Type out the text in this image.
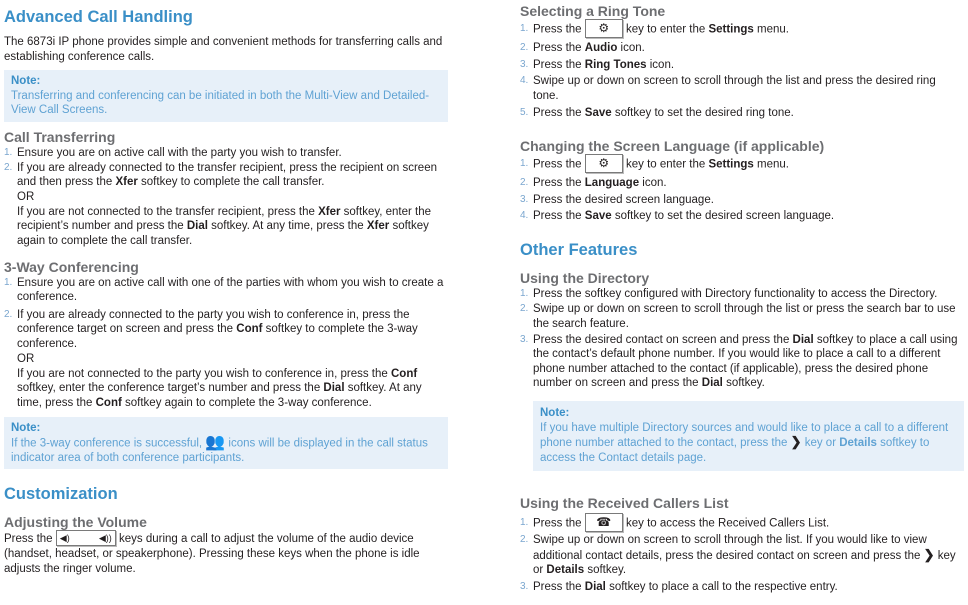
Advanced Call Handling

The 6873i IP phone provides simple and convenient methods for transferring calls and establishing conference calls.

Note:
Transferring and conferencing can be initiated in both the Multi-View and Detailed-View Call Screens.
Call Transferring
1. Ensure you are on active call with the party you wish to transfer.
2. If you are already connected to the transfer recipient, press the recipient on screen and then press the Xfer softkey to complete the call transfer.
OR

If you are not connected to the transfer recipient, press the Xfer softkey, enter the recipient’s number and press the Dial softkey. At any time, press the Xfer softkey again to complete the call transfer.

3-Way Conferencing
1. Ensure you are on active call with one of the parties with whom you wish to create a conference.
2. If you are already connected to the party you wish to conference in, press the conference target on screen and press the Conf softkey to complete the 3-way conference.
OR

If you are not connected to the party you wish to conference in, press the Conf softkey, enter the conference target’s number and press the Dial softkey. At any time, press the Conf softkey again to complete the 3-way conference.

Note:
If the 3-way conference is successful, 👥 icons will be displayed in the call status indicator area of both conference participants.
Customization
Adjusting the Volume

Press the ◀)	◀)) keys during a call to adjust the volume of the audio device (handset, headset, or speakerphone). Pressing these keys when the phone is idle adjusts the ringer volume.

Selecting a Ring Tone
1. Press the ⚙ key to enter the Settings menu.
2. Press the Audio icon.
3. Press the Ring Tones icon.
4. Swipe up or down on screen to scroll through the list and press the desired ring tone.
5. Press the Save softkey to set the desired ring tone.
Changing the Screen Language (if applicable)
1. Press the ⚙ key to enter the Settings menu.
2. Press the Language icon.
3. Press the desired screen language.
4. Press the Save softkey to set the desired screen language.
Other Features
Using the Directory
1. Press the softkey configured with Directory functionality to access the Directory.
2. Swipe up or down on screen to scroll through the list or press the search bar to use the search feature.
3. Press the desired contact on screen and press the Dial softkey to place a call using the contact’s default phone number. If you would like to place a call to a different phone number attached to the contact (if applicable), press the desired phone number on screen and press the Dial softkey.
Note:
If you have multiple Directory sources and would like to place a call to a different phone number attached to the contact, press the ❯ key or Details softkey to access the Contact details page.
Using the Received Callers List
1. Press the ☎ key to access the Received Callers List.
2. Swipe up or down on screen to scroll through the list. If you would like to view additional contact details, press the desired contact on screen and press the ❯ key or Details softkey.
3. Press the Dial softkey to place a call to the respective entry.
